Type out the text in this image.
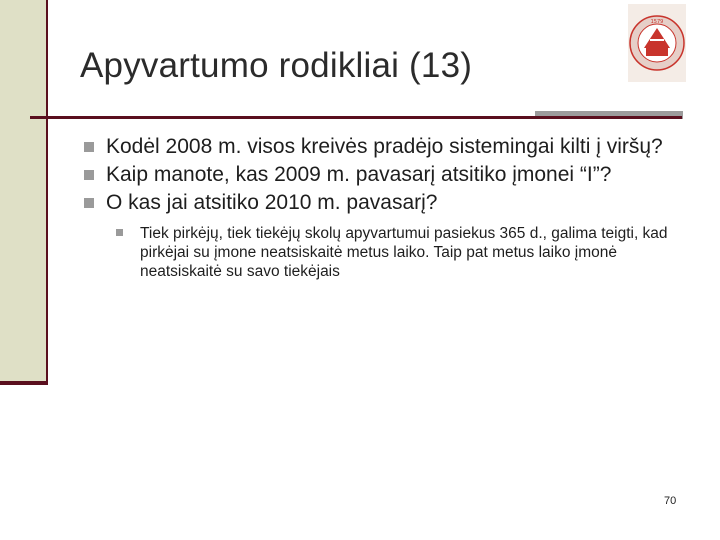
Apyvartumo rodikliai (13)
1579
Kodėl 2008 m. visos kreivės pradėjo sistemingai kilti į viršų?
Kaip manote, kas 2009 m. pavasarį atsitiko įmonei “I”?
O kas jai atsitiko 2010 m. pavasarį?
Tiek pirkėjų, tiek tiekėjų skolų apyvartumui pasiekus 365 d., galima teigti, kad pirkėjai su įmone neatsiskaitė metus laiko. Taip pat metus laiko įmonė neatsiskaitė su savo tiekėjais
70
